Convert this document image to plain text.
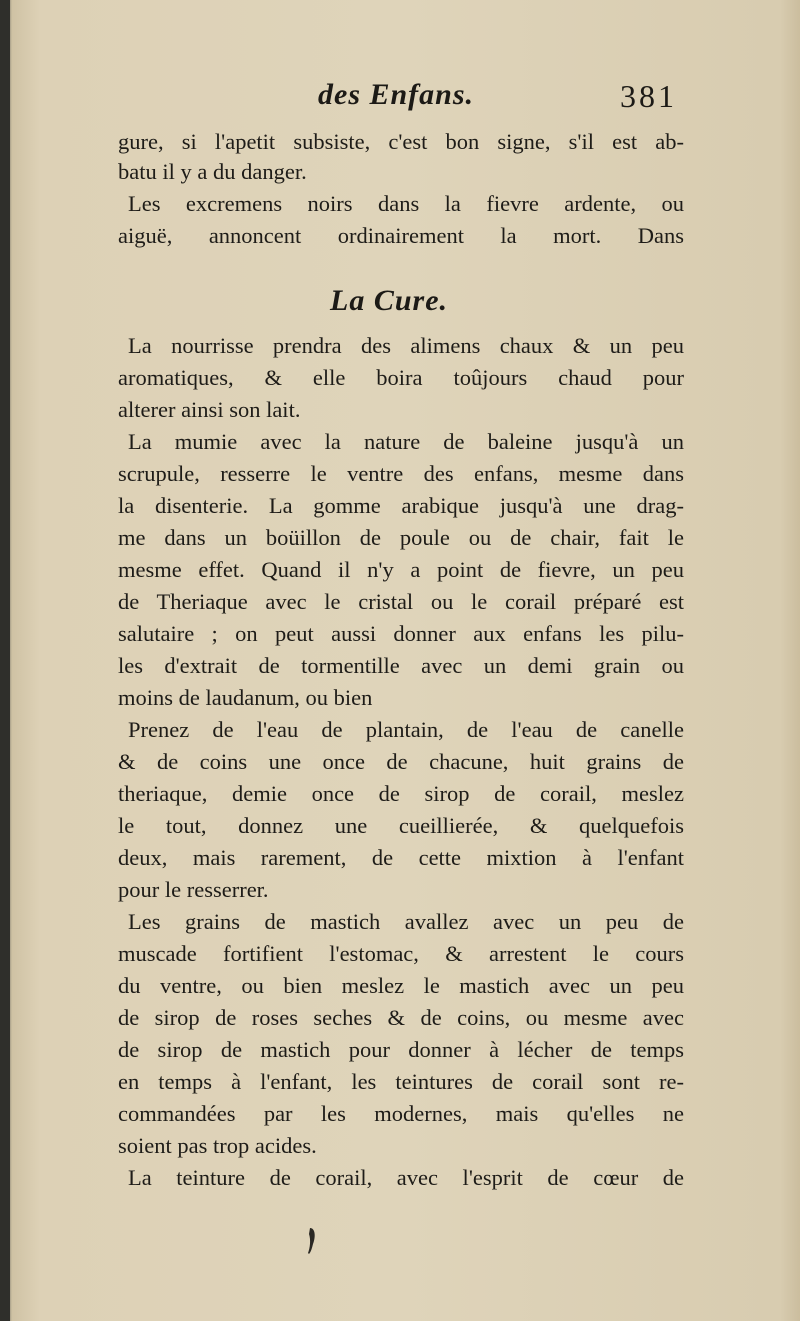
des Enfans.	381
gure, si l'apetit subsiste, c'est bon signe, s'il est ab-
batu il y a du danger.
Les excremens noirs dans la fievre ardente, ou
aiguë, annoncent ordinairement la mort. Dans
La Cure.
La nourrisse prendra des alimens chaux & un peu
aromatiques, & elle boira toûjours chaud pour
alterer ainsi son lait.
La mumie avec la nature de baleine jusqu'à un
scrupule, resserre le ventre des enfans, mesme dans
la disenterie. La gomme arabique jusqu'à une drag-
me dans un boüillon de poule ou de chair, fait le
mesme effet. Quand il n'y a point de fievre, un peu
de Theriaque avec le cristal ou le corail préparé est
salutaire ; on peut aussi donner aux enfans les pilu-
les d'extrait de tormentille avec un demi grain ou
moins de laudanum, ou bien
Prenez de l'eau de plantain, de l'eau de canelle
& de coins une once de chacune, huit grains de
theriaque, demie once de sirop de corail, meslez
le tout, donnez une cueillierée, & quelquefois
deux, mais rarement, de cette mixtion à l'enfant
pour le resserrer.
Les grains de mastich avallez avec un peu de
muscade fortifient l'estomac, & arrestent le cours
du ventre, ou bien meslez le mastich avec un peu
de sirop de roses seches & de coins, ou mesme avec
de sirop de mastich pour donner à lécher de temps
en temps à l'enfant, les teintures de corail sont re-
commandées par les modernes, mais qu'elles ne
soient pas trop acides.
La teinture de corail, avec l'esprit de cœur de
